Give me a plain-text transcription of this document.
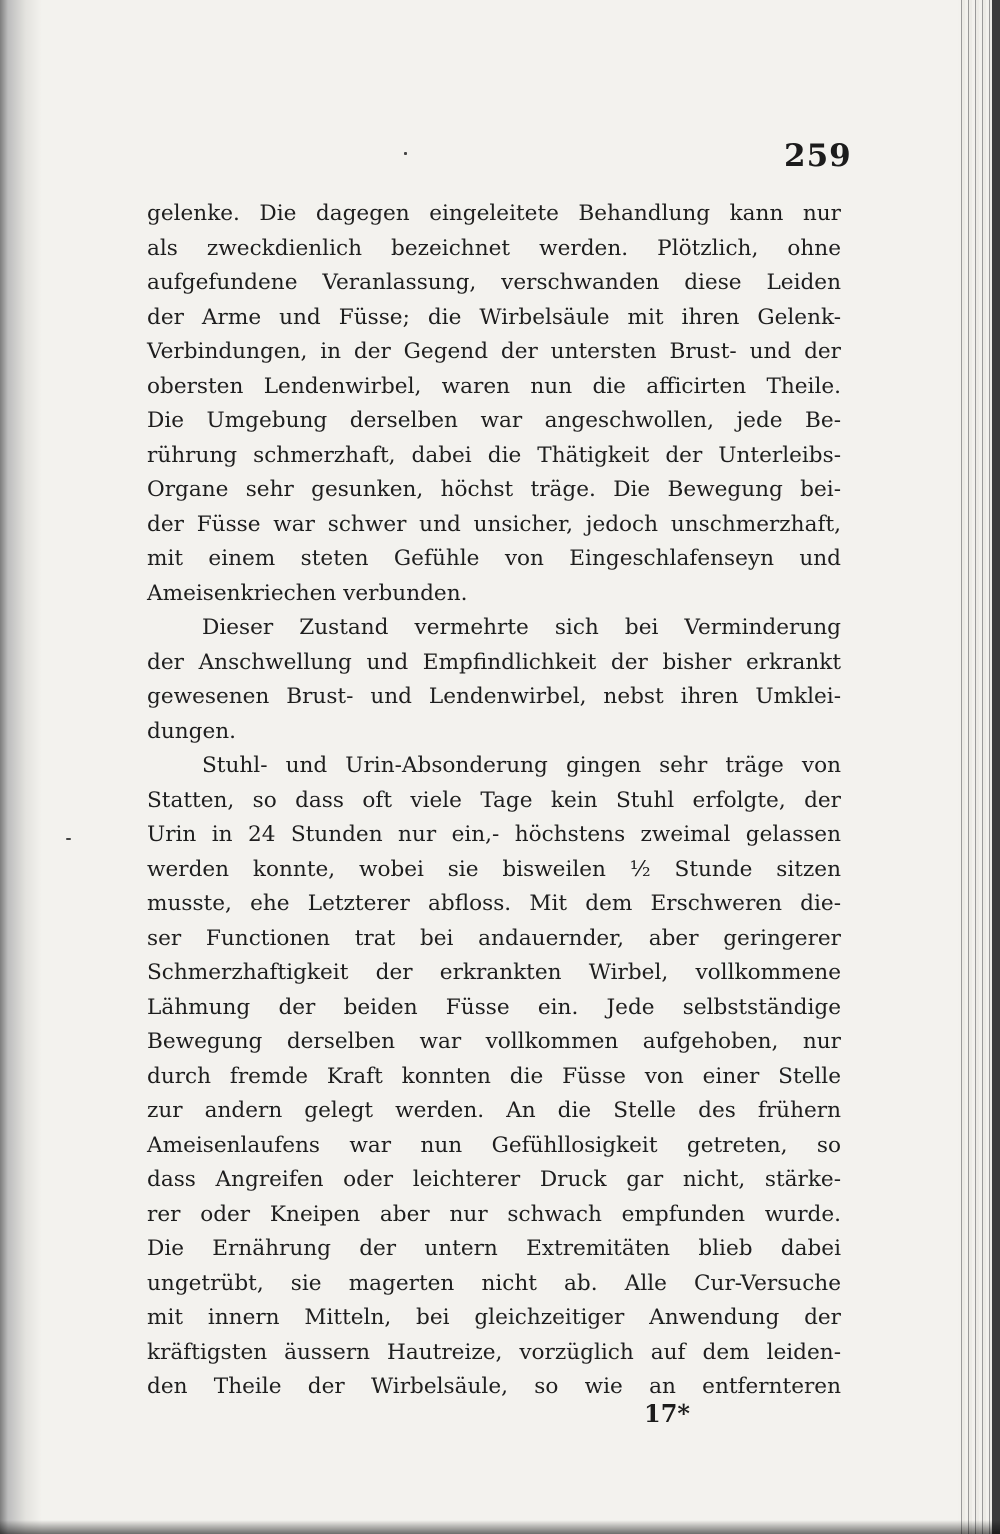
259
gelenke. Die dagegen eingeleitete Behandlung kann nur
als zweckdienlich bezeichnet werden. Plötzlich, ohne
aufgefundene Veranlassung, verschwanden diese Leiden
der Arme und Füsse; die Wirbelsäule mit ihren Gelenk-
Verbindungen, in der Gegend der untersten Brust- und der
obersten Lendenwirbel, waren nun die afficirten Theile.
Die Umgebung derselben war angeschwollen, jede Be-
rührung schmerzhaft, dabei die Thätigkeit der Unterleibs-
Organe sehr gesunken, höchst träge. Die Bewegung bei-
der Füsse war schwer und unsicher, jedoch unschmerzhaft,
mit einem steten Gefühle von Eingeschlafenseyn und
Ameisenkriechen verbunden.
Dieser Zustand vermehrte sich bei Verminderung
der Anschwellung und Empfindlichkeit der bisher erkrankt
gewesenen Brust- und Lendenwirbel, nebst ihren Umklei-
dungen.
Stuhl- und Urin-Absonderung gingen sehr träge von
Statten, so dass oft viele Tage kein Stuhl erfolgte, der
Urin in 24 Stunden nur ein,- höchstens zweimal gelassen
werden konnte, wobei sie bisweilen ½ Stunde sitzen
musste, ehe Letzterer abfloss. Mit dem Erschweren die-
ser Functionen trat bei andauernder, aber geringerer
Schmerzhaftigkeit der erkrankten Wirbel, vollkommene
Lähmung der beiden Füsse ein. Jede selbstständige
Bewegung derselben war vollkommen aufgehoben, nur
durch fremde Kraft konnten die Füsse von einer Stelle
zur andern gelegt werden. An die Stelle des frühern
Ameisenlaufens war nun Gefühllosigkeit getreten, so
dass Angreifen oder leichterer Druck gar nicht, stärke-
rer oder Kneipen aber nur schwach empfunden wurde.
Die Ernährung der untern Extremitäten blieb dabei
ungetrübt, sie magerten nicht ab. Alle Cur-Versuche
mit innern Mitteln, bei gleichzeitiger Anwendung der
kräftigsten äussern Hautreize, vorzüglich auf dem leiden-
den Theile der Wirbelsäule, so wie an entfernteren
17*
